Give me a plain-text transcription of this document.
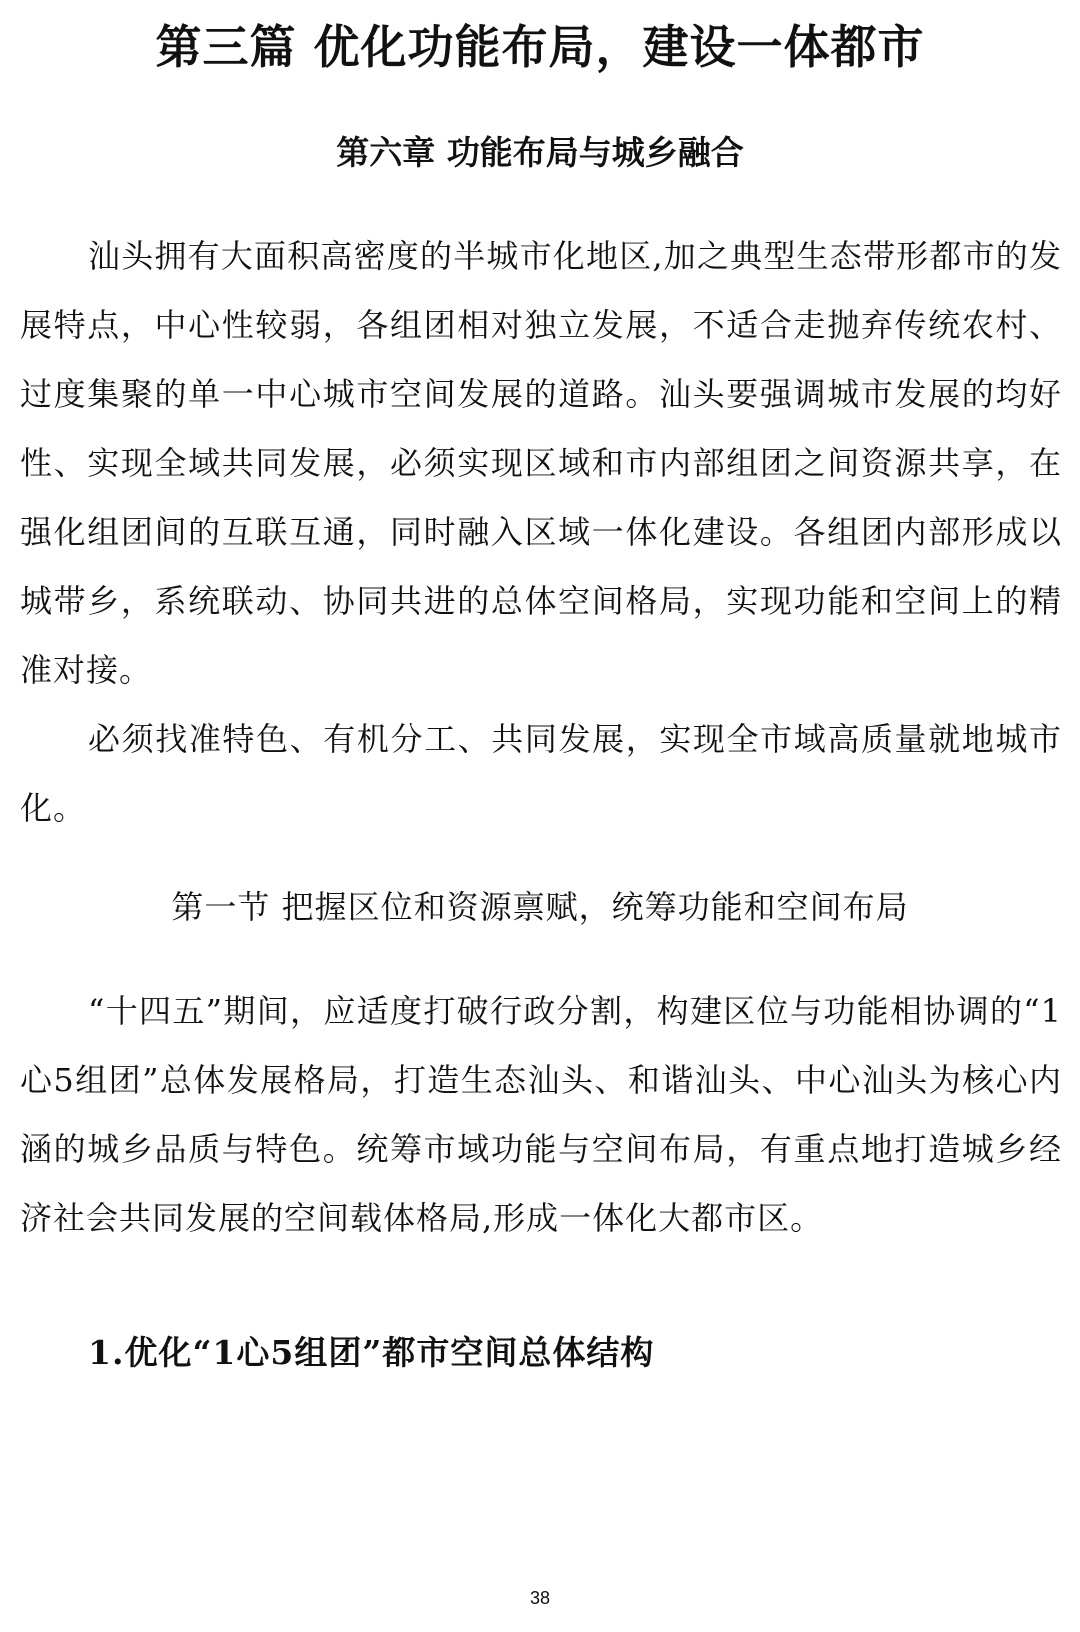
第三篇 优化功能布局，建设一体都市
第六章 功能布局与城乡融合

汕头拥有大面积高密度的半城市化地区,加之典型生态带形都市的发展特点，中心性较弱，各组团相对独立发展，不适合走抛弃传统农村、过度集聚的单一中心城市空间发展的道路。汕头要强调城市发展的均好性、实现全域共同发展，必须实现区域和市内部组团之间资源共享，在强化组团间的互联互通，同时融入区域一体化建设。各组团内部形成以城带乡，系统联动、协同共进的总体空间格局，实现功能和空间上的精准对接。

必须找准特色、有机分工、共同发展，实现全市域高质量就地城市化。

第一节 把握区位和资源禀赋，统筹功能和空间布局

“十四五”期间，应适度打破行政分割，构建区位与功能相协调的“1心5组团”总体发展格局，打造生态汕头、和谐汕头、中心汕头为核心内涵的城乡品质与特色。统筹市域功能与空间布局，有重点地打造城乡经济社会共同发展的空间载体格局,形成一体化大都市区。

1.优化“1心5组团”都市空间总体结构
38
